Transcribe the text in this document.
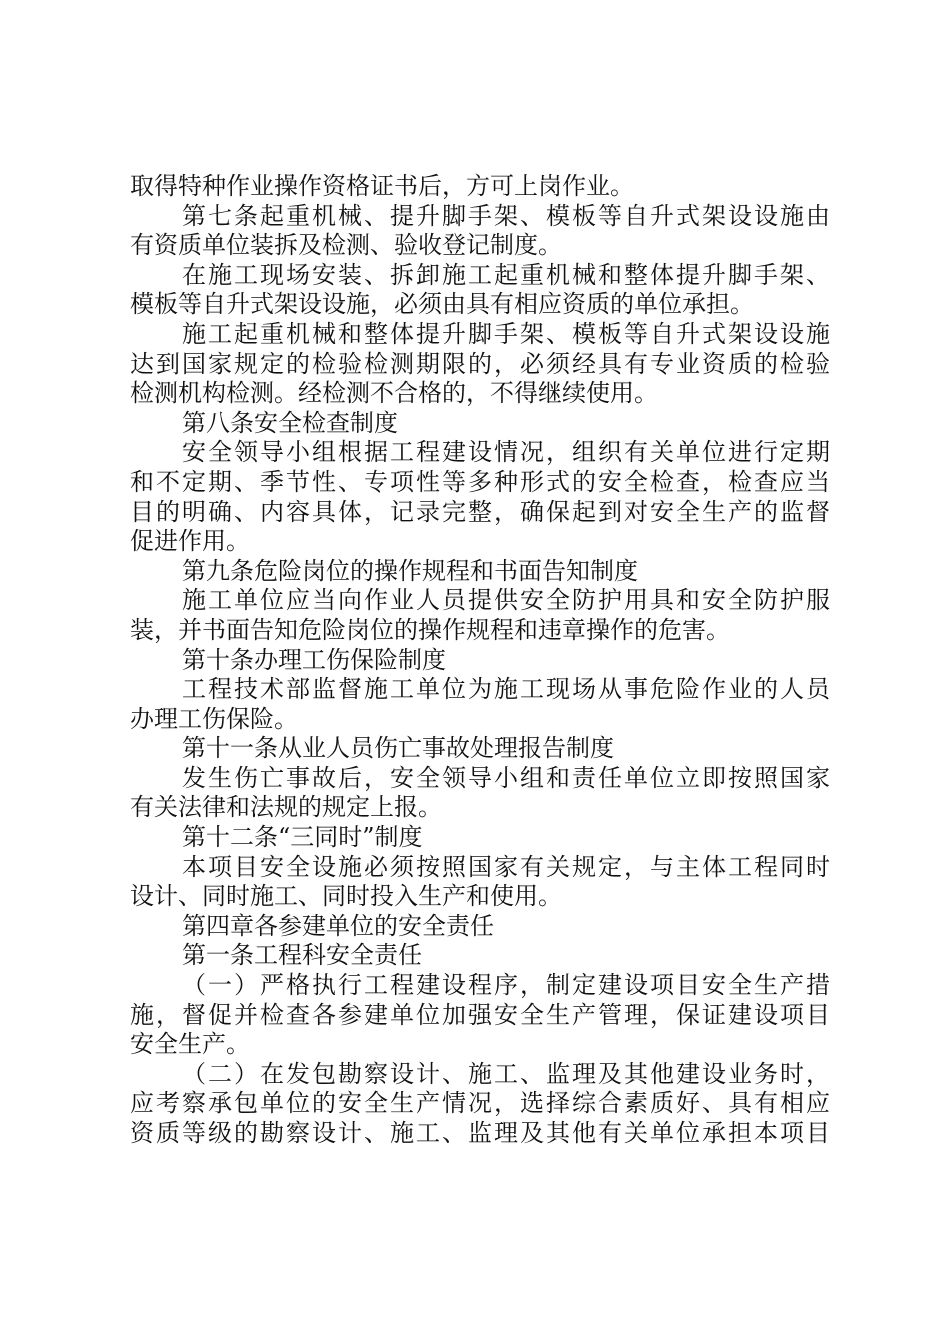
取得特种作业操作资格证书后，方可上岗作业。
第七条起重机械、提升脚手架、模板等自升式架设设施由
有资质单位装拆及检测、验收登记制度。
在施工现场安装、拆卸施工起重机械和整体提升脚手架、
模板等自升式架设设施，必须由具有相应资质的单位承担。
施工起重机械和整体提升脚手架、模板等自升式架设设施
达到国家规定的检验检测期限的，必须经具有专业资质的检验
检测机构检测。经检测不合格的，不得继续使用。
第八条安全检查制度
安全领导小组根据工程建设情况，组织有关单位进行定期
和不定期、季节性、专项性等多种形式的安全检查，检查应当
目的明确、内容具体，记录完整，确保起到对安全生产的监督
促进作用。
第九条危险岗位的操作规程和书面告知制度
施工单位应当向作业人员提供安全防护用具和安全防护服
装，并书面告知危险岗位的操作规程和违章操作的危害。
第十条办理工伤保险制度
工程技术部监督施工单位为施工现场从事危险作业的人员
办理工伤保险。
第十一条从业人员伤亡事故处理报告制度
发生伤亡事故后，安全领导小组和责任单位立即按照国家
有关法律和法规的规定上报。
第十二条“三同时”制度
本项目安全设施必须按照国家有关规定，与主体工程同时
设计、同时施工、同时投入生产和使用。
第四章各参建单位的安全责任
第一条工程科安全责任
（一）严格执行工程建设程序，制定建设项目安全生产措
施，督促并检查各参建单位加强安全生产管理，保证建设项目
安全生产。
（二）在发包勘察设计、施工、监理及其他建设业务时，
应考察承包单位的安全生产情况，选择综合素质好、具有相应
资质等级的勘察设计、施工、监理及其他有关单位承担本项目
